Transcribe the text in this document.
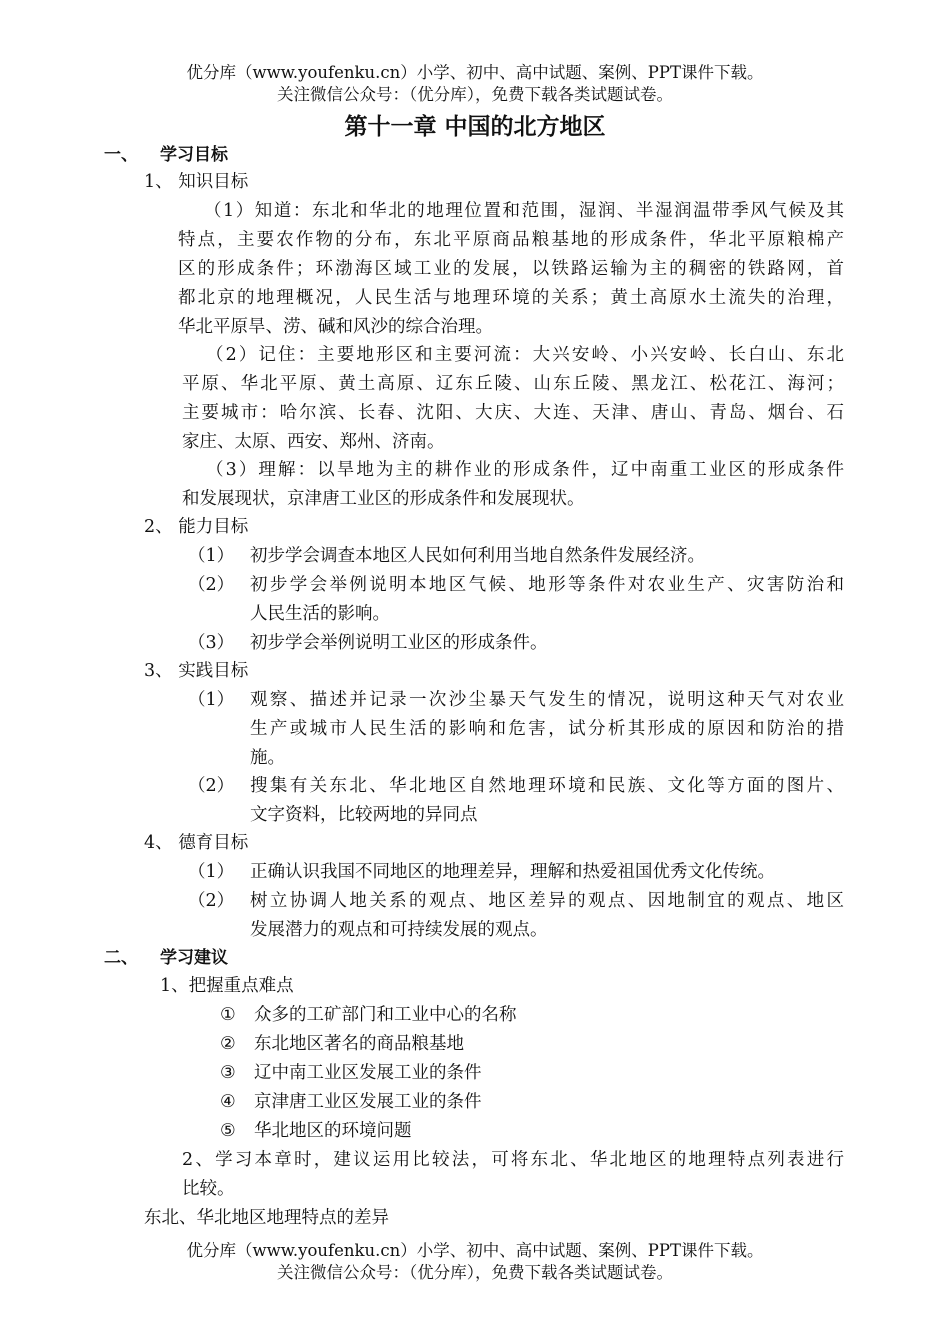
优分库（www.youfenku.cn）小学、初中、高中试题、案例、PPT课件下载。
关注微信公众号：（优分库），免费下载各类试题试卷。
第十一章 中国的北方地区
一、 学习目标
1、 知识目标
（1）知道：东北和华北的地理位置和范围，湿润、半湿润温带季风气候及其
特点，主要农作物的分布，东北平原商品粮基地的形成条件，华北平原粮棉产
区的形成条件；环渤海区域工业的发展，以铁路运输为主的稠密的铁路网，首
都北京的地理概况，人民生活与地理环境的关系；黄土高原水土流失的治理，
华北平原旱、涝、碱和风沙的综合治理。
（2）记住：主要地形区和主要河流：大兴安岭、小兴安岭、长白山、东北
平原、华北平原、黄土高原、辽东丘陵、山东丘陵、黑龙江、松花江、海河；
主要城市：哈尔滨、长春、沈阳、大庆、大连、天津、唐山、青岛、烟台、石
家庄、太原、西安、郑州、济南。
（3）理解：以旱地为主的耕作业的形成条件，辽中南重工业区的形成条件
和发展现状，京津唐工业区的形成条件和发展现状。
2、 能力目标
（1） 初步学会调查本地区人民如何利用当地自然条件发展经济。
（2） 初步学会举例说明本地区气候、地形等条件对农业生产、灾害防治和
人民生活的影响。
（3） 初步学会举例说明工业区的形成条件。
3、 实践目标
（1） 观察、描述并记录一次沙尘暴天气发生的情况，说明这种天气对农业
生产或城市人民生活的影响和危害，试分析其形成的原因和防治的措
施。
（2） 搜集有关东北、华北地区自然地理环境和民族、文化等方面的图片、
文字资料，比较两地的异同点
4、 德育目标
（1） 正确认识我国不同地区的地理差异，理解和热爱祖国优秀文化传统。
（2） 树立协调人地关系的观点、地区差异的观点、因地制宜的观点、地区
发展潜力的观点和可持续发展的观点。
二、 学习建议
1、把握重点难点
① 众多的工矿部门和工业中心的名称
② 东北地区著名的商品粮基地
③ 辽中南工业区发展工业的条件
④ 京津唐工业区发展工业的条件
⑤ 华北地区的环境问题
2、学习本章时，建议运用比较法，可将东北、华北地区的地理特点列表进行
比较。
东北、华北地区地理特点的差异
优分库（www.youfenku.cn）小学、初中、高中试题、案例、PPT课件下载。
关注微信公众号：（优分库），免费下载各类试题试卷。
